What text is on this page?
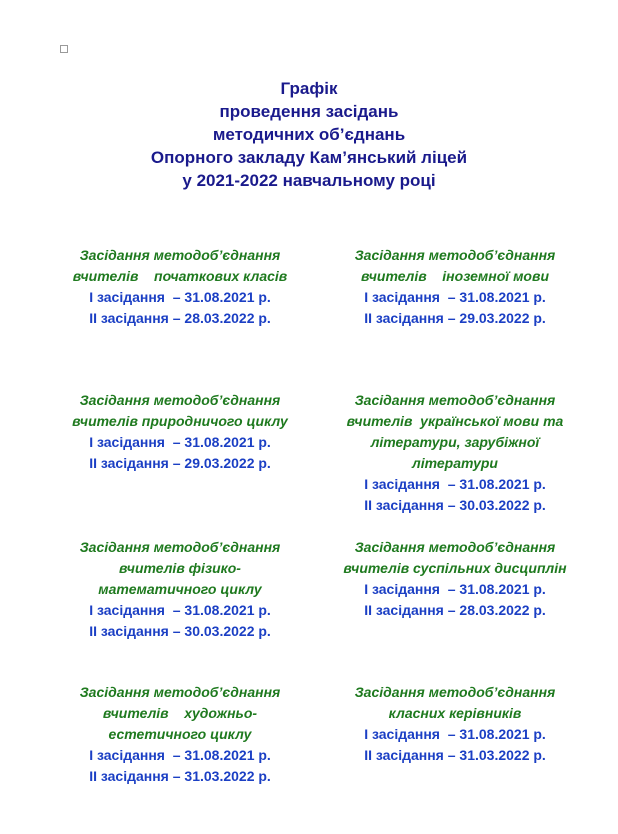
Графік
проведення засідань
методичних об’єднань
Опорного закладу Кам’янський ліцей
у 2021-2022 навчальному році
Засідання методоб’єднання
вчителів    початкових класів
І засідання  – 31.08.2021 р.
ІІ засідання – 28.03.2022 р.
Засідання методоб’єднання
вчителів    іноземної мови
І засідання  – 31.08.2021 р.
ІІ засідання – 29.03.2022 р.
Засідання методоб’єднання
вчителів природничого циклу
І засідання  – 31.08.2021 р.
ІІ засідання – 29.03.2022 р.
Засідання методоб’єднання
вчителів  української мови та
літератури, зарубіжної
літератури
І засідання  – 31.08.2021 р.
ІІ засідання – 30.03.2022 р.
Засідання методоб’єднання
вчителів фізико-
математичного циклу
І засідання  – 31.08.2021 р.
ІІ засідання – 30.03.2022 р.
Засідання методоб’єднання
вчителів суспільних дисциплін
І засідання  – 31.08.2021 р.
ІІ засідання – 28.03.2022 р.
Засідання методоб’єднання
вчителів    художньо-
естетичного циклу
І засідання  – 31.08.2021 р.
ІІ засідання – 31.03.2022 р.
Засідання методоб’єднання
класних керівників
І засідання  – 31.08.2021 р.
ІІ засідання – 31.03.2022 р.
